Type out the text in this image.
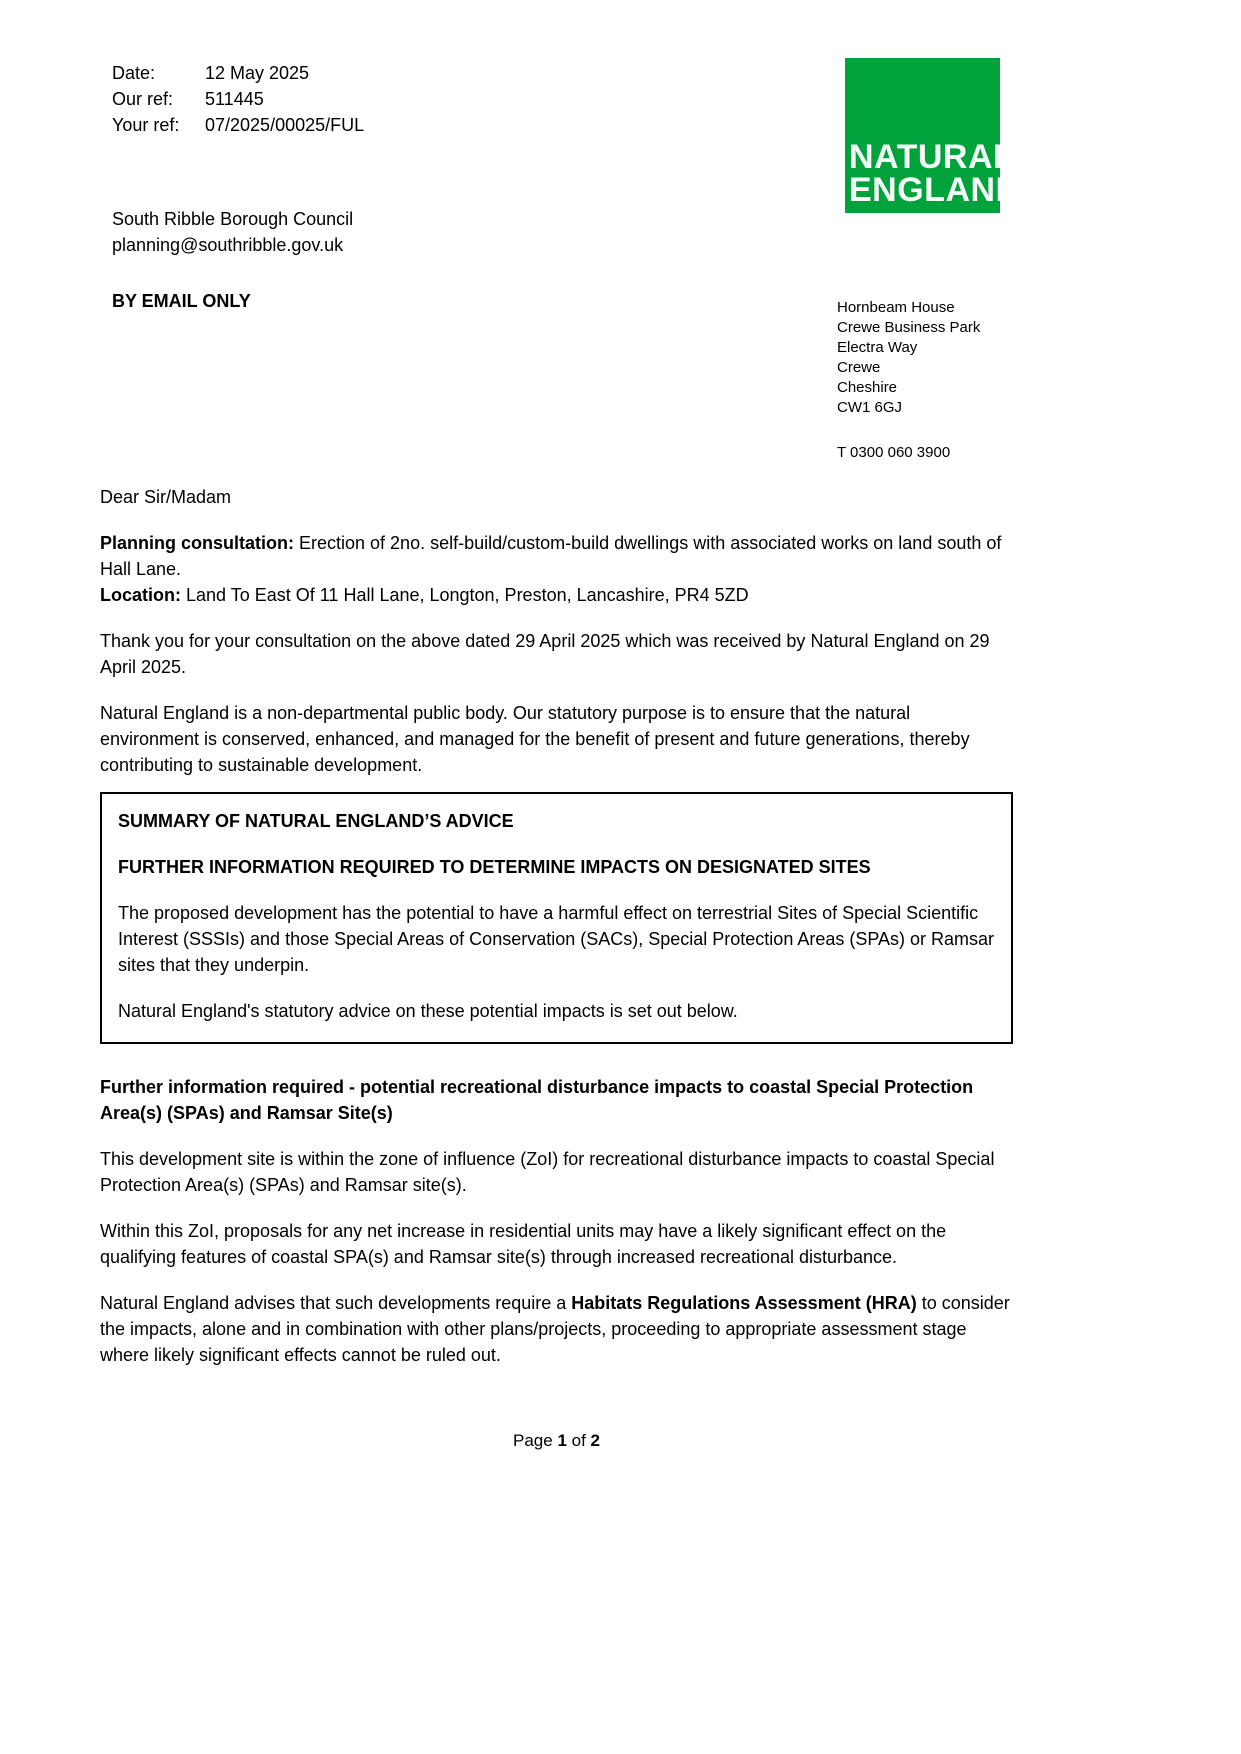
NATURAL
ENGLAND
Hornbeam House
Crewe Business Park
Electra Way
Crewe
Cheshire
CW1 6GJ
T 0300 060 3900
Date:	12 May 2025
Our ref:	511445
Your ref:	07/2025/00025/FUL
South Ribble Borough Council
planning@southribble.gov.uk
BY EMAIL ONLY
Dear Sir/Madam
Planning consultation: Erection of 2no. self-build/custom-build dwellings with associated works on land south of Hall Lane.
Location: Land To East Of 11 Hall Lane, Longton, Preston, Lancashire, PR4 5ZD
Thank you for your consultation on the above dated 29 April 2025 which was received by Natural England on 29 April 2025.
Natural England is a non-departmental public body. Our statutory purpose is to ensure that the natural environment is conserved, enhanced, and managed for the benefit of present and future generations, thereby contributing to sustainable development.
SUMMARY OF NATURAL ENGLAND’S ADVICE
FURTHER INFORMATION REQUIRED TO DETERMINE IMPACTS ON DESIGNATED SITES
The proposed development has the potential to have a harmful effect on terrestrial Sites of Special Scientific Interest (SSSIs) and those Special Areas of Conservation (SACs), Special Protection Areas (SPAs) or Ramsar sites that they underpin.
Natural England's statutory advice on these potential impacts is set out below.
Further information required - potential recreational disturbance impacts to coastal Special Protection Area(s) (SPAs) and Ramsar Site(s)
This development site is within the zone of influence (ZoI) for recreational disturbance impacts to coastal Special Protection Area(s) (SPAs) and Ramsar site(s).
Within this ZoI, proposals for any net increase in residential units may have a likely significant effect on the qualifying features of coastal SPA(s) and Ramsar site(s) through increased recreational disturbance.
Natural England advises that such developments require a Habitats Regulations Assessment (HRA) to consider the impacts, alone and in combination with other plans/projects, proceeding to appropriate assessment stage where likely significant effects cannot be ruled out.
Page 1 of 2
